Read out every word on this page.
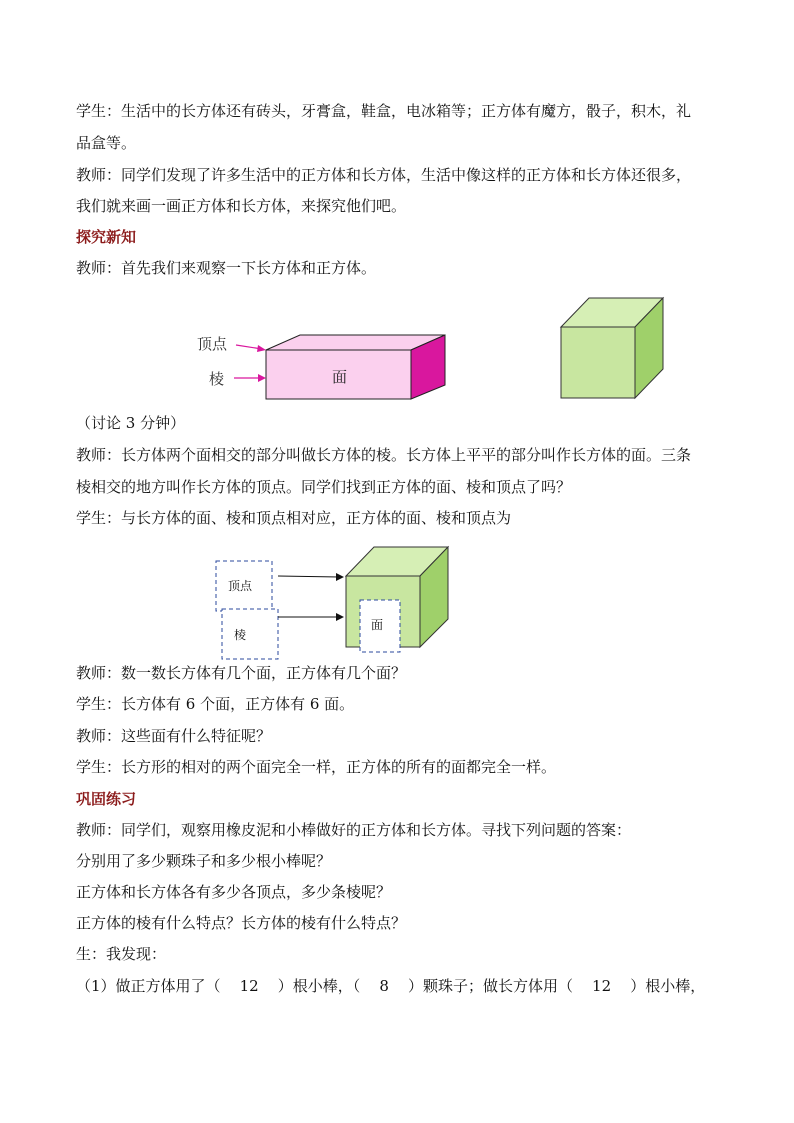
学生：生活中的长方体还有砖头，牙膏盒，鞋盒，电冰箱等；正方体有魔方，骰子，积木，礼
品盒等。
教师：同学们发现了许多生活中的正方体和长方体，生活中像这样的正方体和长方体还很多，
我们就来画一画正方体和长方体，来探究他们吧。
探究新知
教师：首先我们来观察一下长方体和正方体。
面
顶点
棱
（讨论 3 分钟）
教师：长方体两个面相交的部分叫做长方体的棱。长方体上平平的部分叫作长方体的面。三条
棱相交的地方叫作长方体的顶点。同学们找到正方体的面、棱和顶点了吗？
学生：与长方体的面、棱和顶点相对应，正方体的面、棱和顶点为
面
顶点
棱
教师：数一数长方体有几个面，正方体有几个面？
学生：长方体有 6 个面，正方体有 6 面。
教师：这些面有什么特征呢？
学生：长方形的相对的两个面完全一样，正方体的所有的面都完全一样。
巩固练习
教师：同学们，观察用橡皮泥和小棒做好的正方体和长方体。寻找下列问题的答案：
分别用了多少颗珠子和多少根小棒呢？
正方体和长方体各有多少各顶点，多少条棱呢？
正方体的棱有什么特点？长方体的棱有什么特点？
生：我发现：
（1）做正方体用了（    12    ）根小棒，（    8    ）颗珠子；做长方体用（    12    ）根小棒，
